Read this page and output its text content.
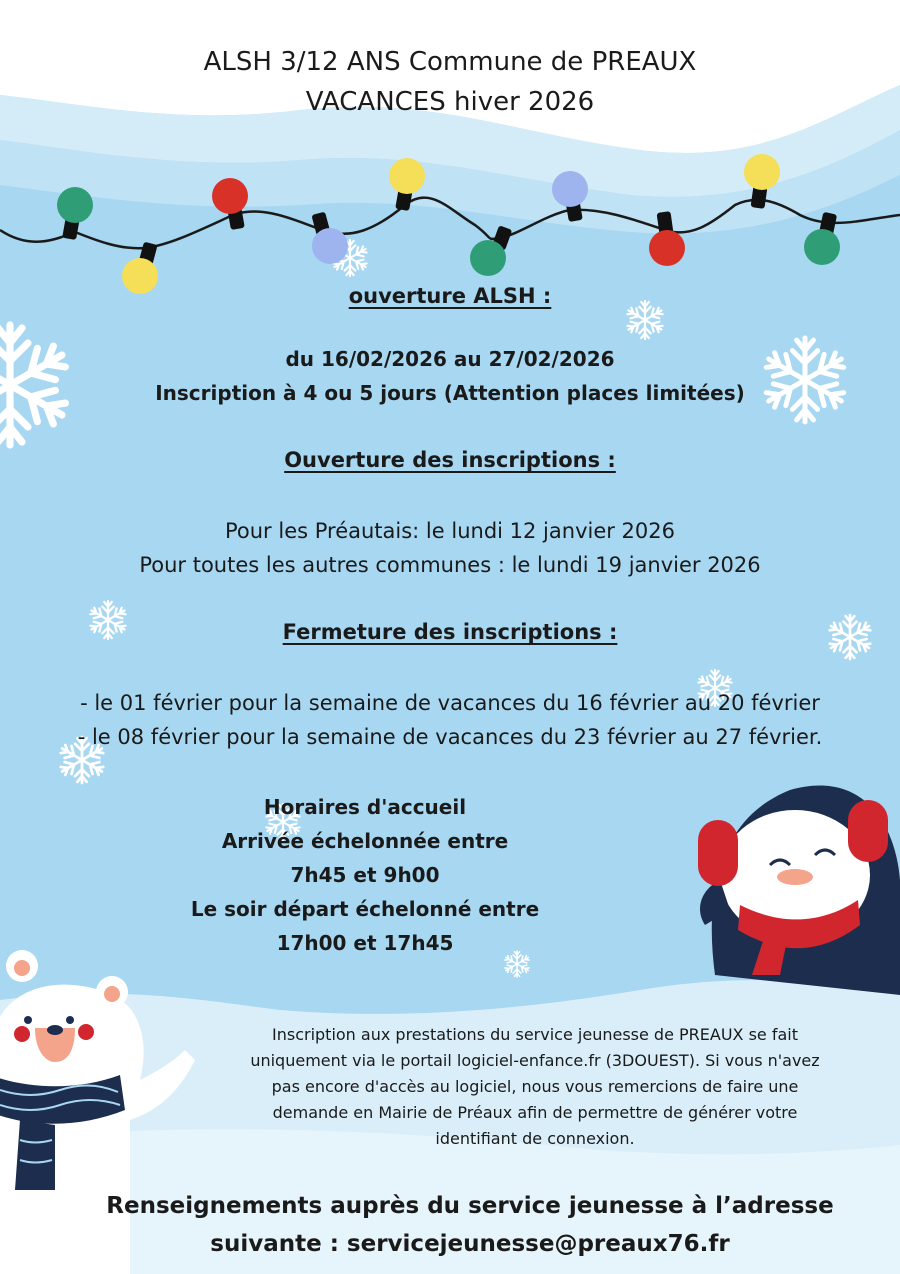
ALSH 3/12 ANS Commune de PREAUX
VACANCES hiver 2026

ouverture ALSH :

du 16/02/2026 au 27/02/2026

Inscription à 4 ou 5 jours (Attention places limitées)

Ouverture des inscriptions :

Pour les Préautais: le lundi 12 janvier 2026

Pour toutes les autres communes : le lundi 19 janvier 2026

Fermeture des inscriptions :

- le 01 février pour la semaine de vacances du 16 février au 20 février

- le 08 février pour la semaine de vacances du 23 février au 27 février.

Horaires d'accueil

Arrivée échelonnée entre

7h45 et 9h00

Le soir départ échelonné entre

17h00 et 17h45

Inscription aux prestations du service jeunesse de PREAUX se fait

uniquement via le portail logiciel-enfance.fr (3DOUEST). Si vous n'avez

pas encore d'accès au logiciel, nous vous remercions de faire une

demande en Mairie de Préaux afin de permettre de générer votre

identifiant de connexion.

Renseignements auprès du service jeunesse à l’adresse

suivante : servicejeunesse@preaux76.fr
